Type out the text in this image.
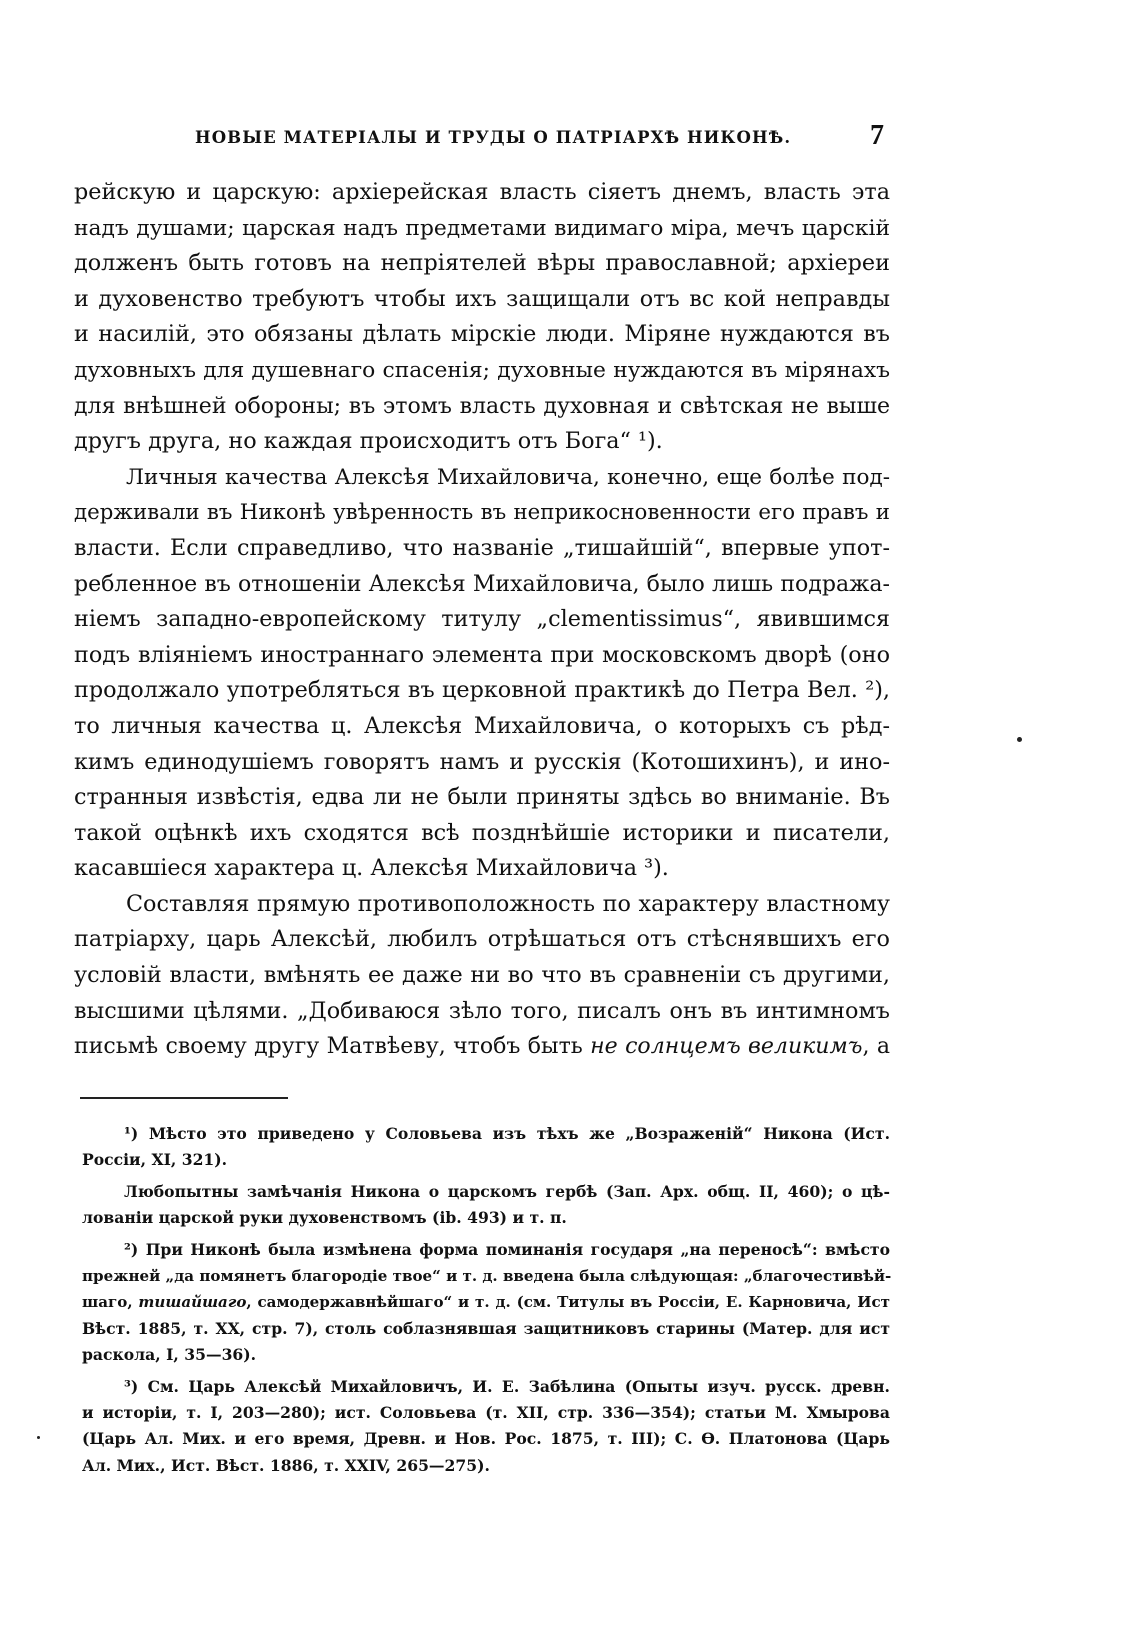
НОВЫЕ МАТЕРІАЛЫ И ТРУДЫ О ПАТРІАРХѢ НИКОНѢ.	7
рейскую и царскую: архіерейская власть сіяетъ днемъ, власть эта
надъ душами; царская надъ предметами видимаго міра, мечъ царскій
долженъ быть готовъ на непріятелей вѣры православной; архіереи
и духовенство требуютъ чтобы ихъ защищали отъ вс кой неправды
и насилій, это обязаны дѣлать мірскіе люди. Міряне нуждаются въ
духовныхъ для душевнаго спасенія; духовные нуждаются въ мірянахъ
для внѣшней обороны; въ этомъ власть духовная и свѣтская не выше
другъ друга, но каждая происходитъ отъ Бога“ ¹).
Личныя качества Алексѣя Михайловича, конечно, еще болѣе под-
держивали въ Никонѣ увѣренность въ неприкосновенности его правъ и
власти. Если справедливо, что названіе „тишайшій“, впервые упот-
ребленное въ отношеніи Алексѣя Михайловича, было лишь подража-
ніемъ западно-европейскому титулу „clementissimus“, явившимся
подъ вліяніемъ иностраннаго элемента при московскомъ дворѣ (оно
продолжало употребляться въ церковной практикѣ до Петра Вел. ²),
то личныя качества ц. Алексѣя Михайловича, о которыхъ съ рѣд-
кимъ единодушіемъ говорятъ намъ и русскія (Котошихинъ), и ино-
странныя извѣстія, едва ли не были приняты здѣсь во вниманіе. Въ
такой оцѣнкѣ ихъ сходятся всѣ позднѣйшіе историки и писатели,
касавшіеся характера ц. Алексѣя Михайловича ³).
Составляя прямую противоположность по характеру властному
патріарху, царь Алексѣй, любилъ отрѣшаться отъ стѣснявшихъ его
условій власти, вмѣнять ее даже ни во что въ сравненіи съ другими,
высшими цѣлями. „Добиваюся зѣло того, писалъ онъ въ интимномъ
письмѣ своему другу Матвѣеву, чтобъ быть не солнцемъ великимъ, а
¹) Мѣсто это приведено у Соловьева изъ тѣхъ же „Возраженій“ Никона (Ист.
Россіи, XI, 321).
Любопытны замѣчанія Никона о царскомъ гербѣ (Зап. Арх. общ. II, 460); о цѣ-
лованіи царской руки духовенствомъ (ib. 493) и т. п.
²) При Никонѣ была измѣнена форма поминанія государя „на переносѣ“: вмѣсто
прежней „да помянетъ благородіе твое“ и т. д. введена была слѣдующая: „благочестивѣй-
шаго, тишайшаго, самодержавнѣйшаго“ и т. д. (см. Титулы въ Россіи, Е. Карновича, Ист
Вѣст. 1885, т. XX, стр. 7), столь соблазнявшая защитниковъ старины (Матер. для ист
раскола, I, 35—36).
³) См. Царь Алексѣй Михайловичъ, И. Е. Забѣлина (Опыты изуч. русск. древн.
и исторіи, т. I, 203—280); ист. Соловьева (т. XII, стр. 336—354); статьи М. Хмырова
(Царь Ал. Мих. и его время, Древн. и Нов. Рос. 1875, т. III); С. Ѳ. Платонова (Царь
Ал. Мих., Ист. Вѣст. 1886, т. XXIV, 265—275).
